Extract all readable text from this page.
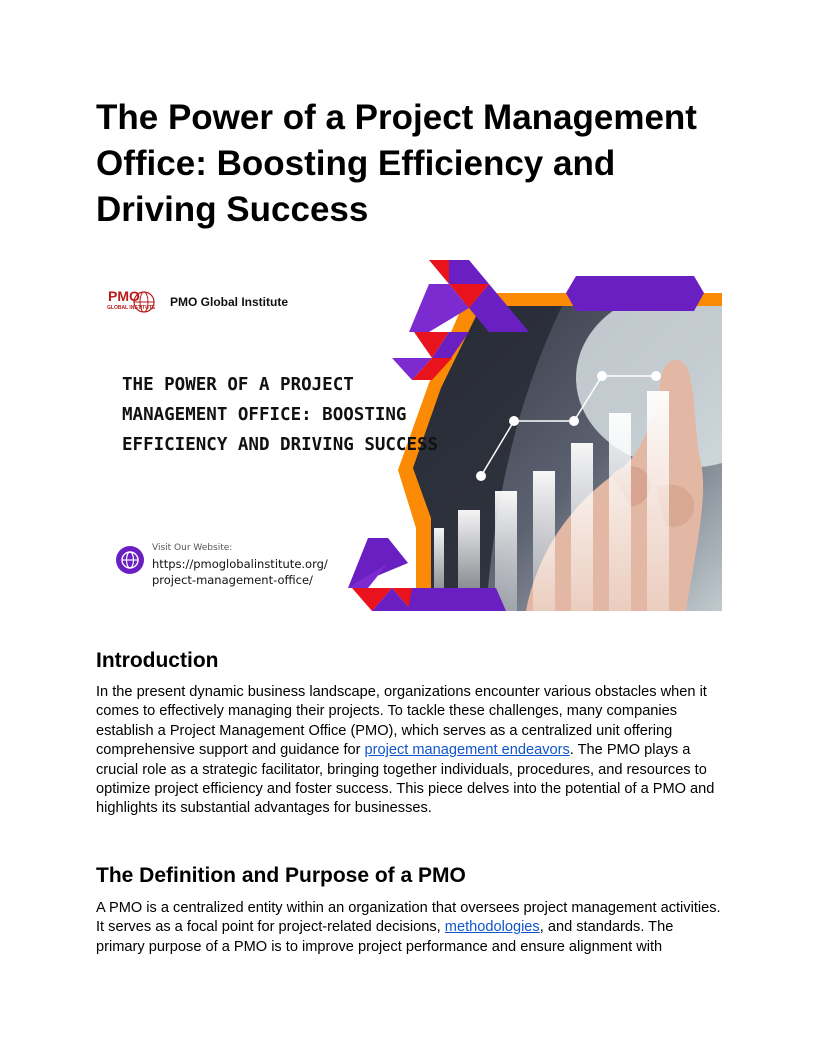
The Power of a Project Management Office: Boosting Efficiency and Driving Success
PMO
GLOBAL INSTITUTE PMO Global Institute
THE POWER OF A PROJECT
MANAGEMENT OFFICE: BOOSTING
EFFICIENCY AND DRIVING SUCCESS
Visit Our Website:
https://pmoglobalinstitute.org/
project-management-office/
Introduction

In the present dynamic business landscape, organizations encounter various obstacles when it comes to effectively managing their projects. To tackle these challenges, many companies establish a Project Management Office (PMO), which serves as a centralized unit offering comprehensive support and guidance for project management endeavors. The PMO plays a crucial role as a strategic facilitator, bringing together individuals, procedures, and resources to optimize project efficiency and foster success. This piece delves into the potential of a PMO and highlights its substantial advantages for businesses.

The Definition and Purpose of a PMO

A PMO is a centralized entity within an organization that oversees project management activities. It serves as a focal point for project-related decisions, methodologies, and standards. The primary purpose of a PMO is to improve project performance and ensure alignment with
